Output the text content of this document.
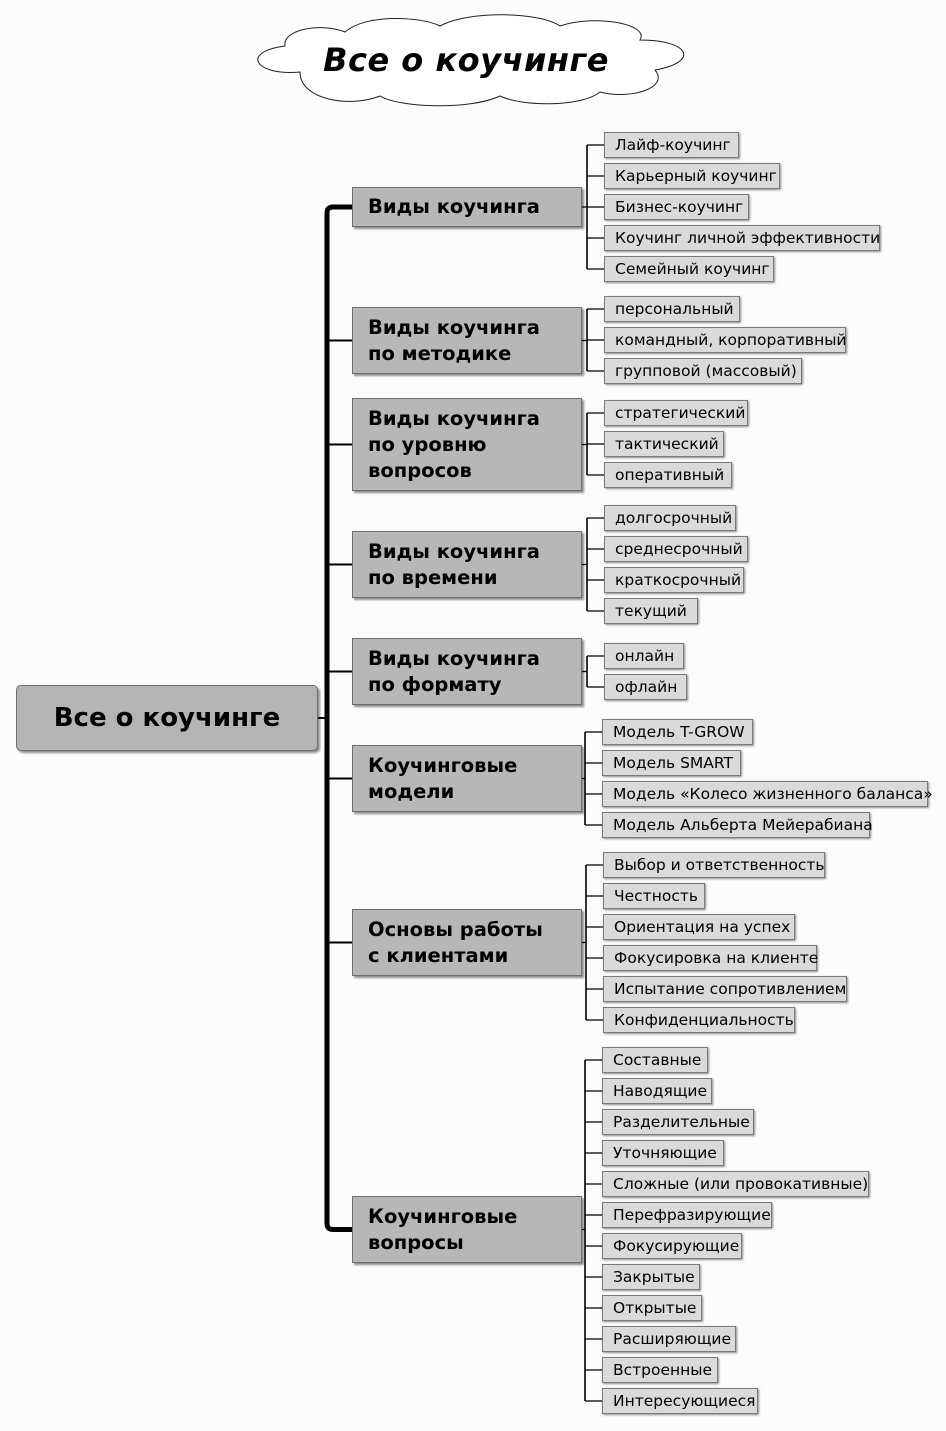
Все о коучинге
Все о коучинге
Виды коучинга
Лайф-коучинг
Карьерный коучинг
Бизнес-коучинг
Коучинг личной эффективности
Семейный коучинг
Виды коучинга
по методике
персональный
командный, корпоративный
групповой (массовый)
Виды коучинга
по уровню
вопросов
стратегический
тактический
оперативный
Виды коучинга
по времени
долгосрочный
среднесрочный
краткосрочный
текущий
Виды коучинга
по формату
онлайн
офлайн
Коучинговые
модели
Модель T-GROW
Модель SMART
Модель «Колесо жизненного баланса»
Модель Альберта Мейерабиана
Основы работы
с клиентами
Выбор и ответственность
Честность
Ориентация на успех
Фокусировка на клиенте
Испытание сопротивлением
Конфиденциальность
Коучинговые
вопросы
Составные
Наводящие
Разделительные
Уточняющие
Сложные (или провокативные)
Перефразирующие
Фокусирующие
Закрытые
Открытые
Расширяющие
Встроенные
Интересующиеся
